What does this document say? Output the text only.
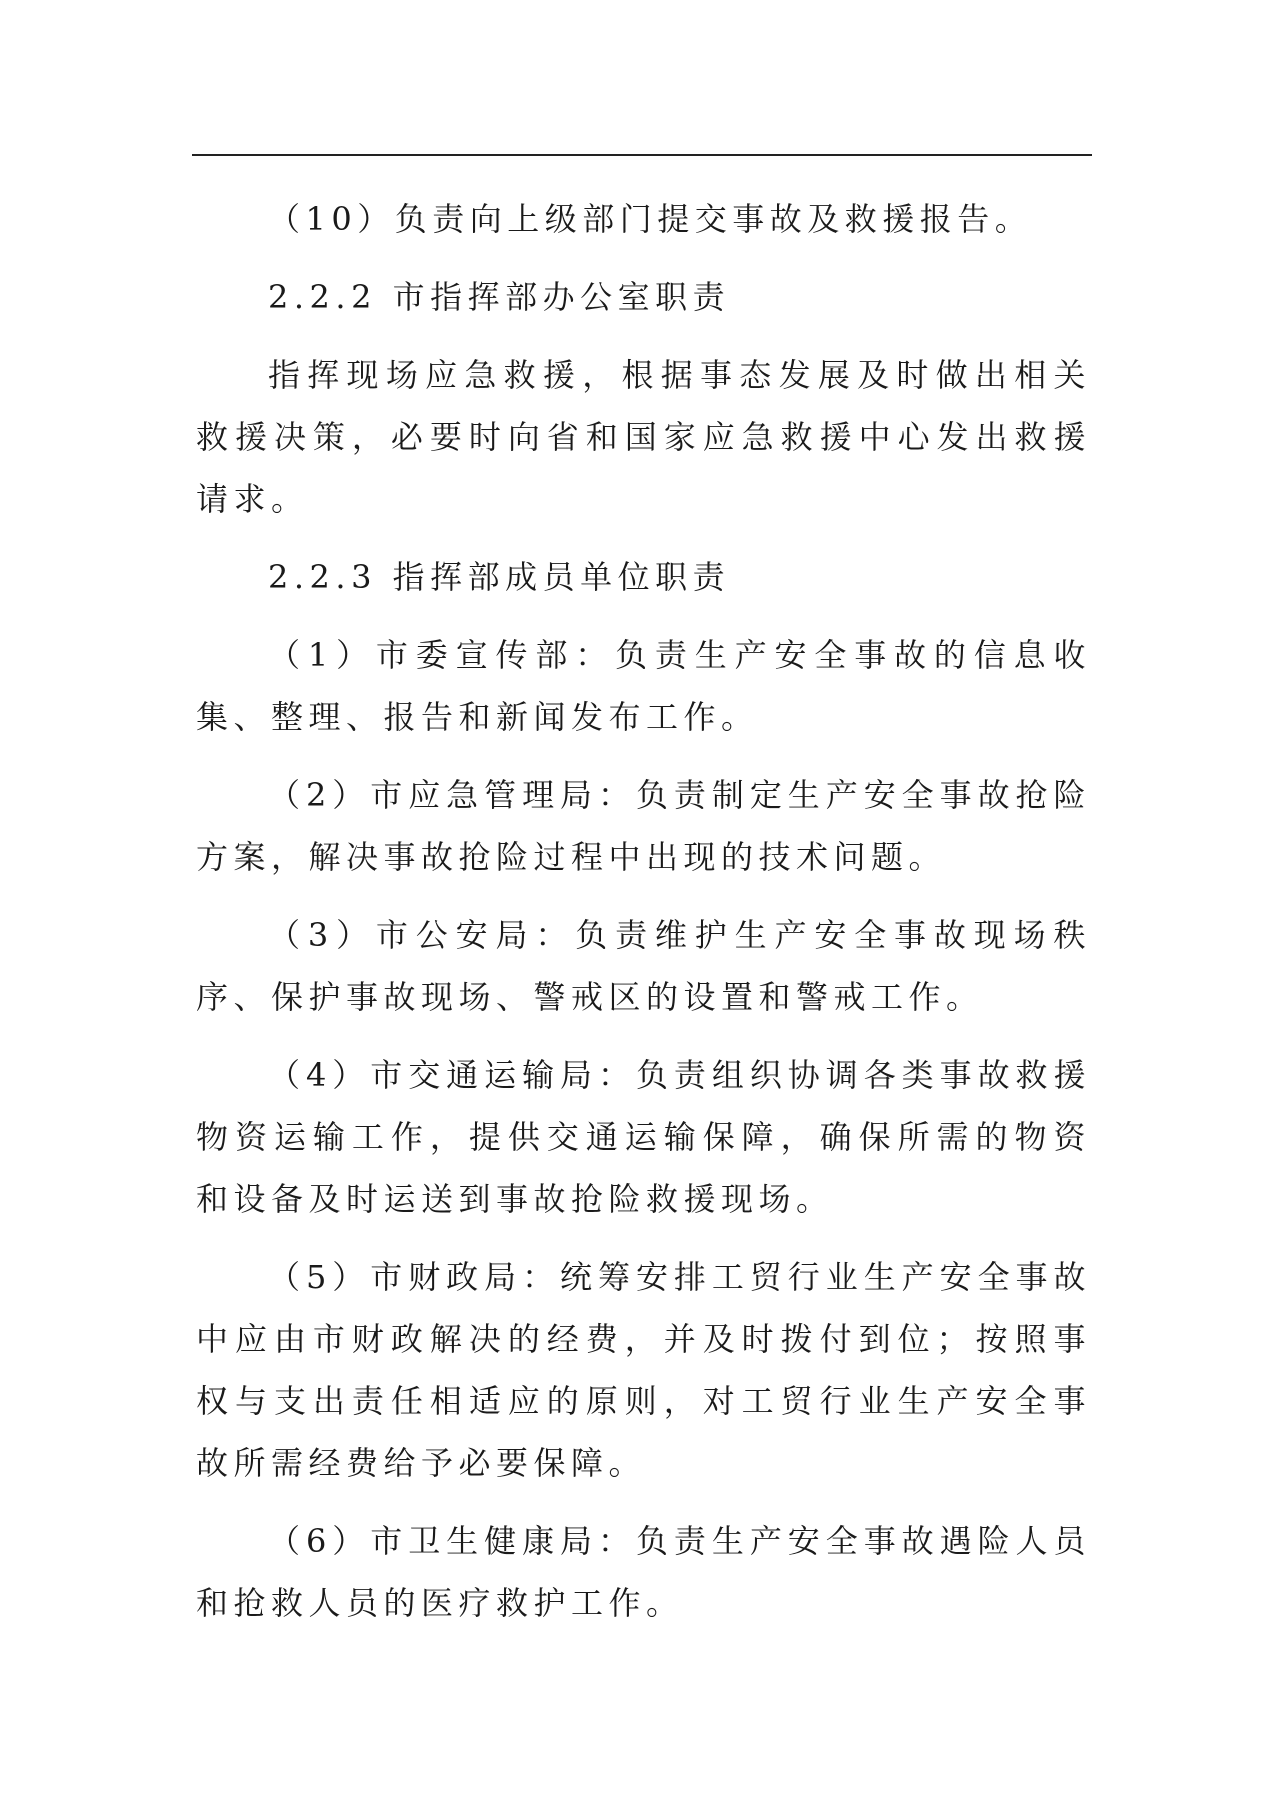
（10）负责向上级部门提交事故及救援报告。

2.2.2 市指挥部办公室职责

指挥现场应急救援，根据事态发展及时做出相关救援决策，必要时向省和国家应急救援中心发出救援请求。

2.2.3 指挥部成员单位职责

（1）市委宣传部：负责生产安全事故的信息收集、整理、报告和新闻发布工作。

（2）市应急管理局：负责制定生产安全事故抢险方案，解决事故抢险过程中出现的技术问题。

（3）市公安局：负责维护生产安全事故现场秩序、保护事故现场、警戒区的设置和警戒工作。

（4）市交通运输局：负责组织协调各类事故救援物资运输工作，提供交通运输保障，确保所需的物资和设备及时运送到事故抢险救援现场。

（5）市财政局：统筹安排工贸行业生产安全事故中应由市财政解决的经费，并及时拨付到位；按照事权与支出责任相适应的原则，对工贸行业生产安全事故所需经费给予必要保障。

（6）市卫生健康局：负责生产安全事故遇险人员和抢救人员的医疗救护工作。
